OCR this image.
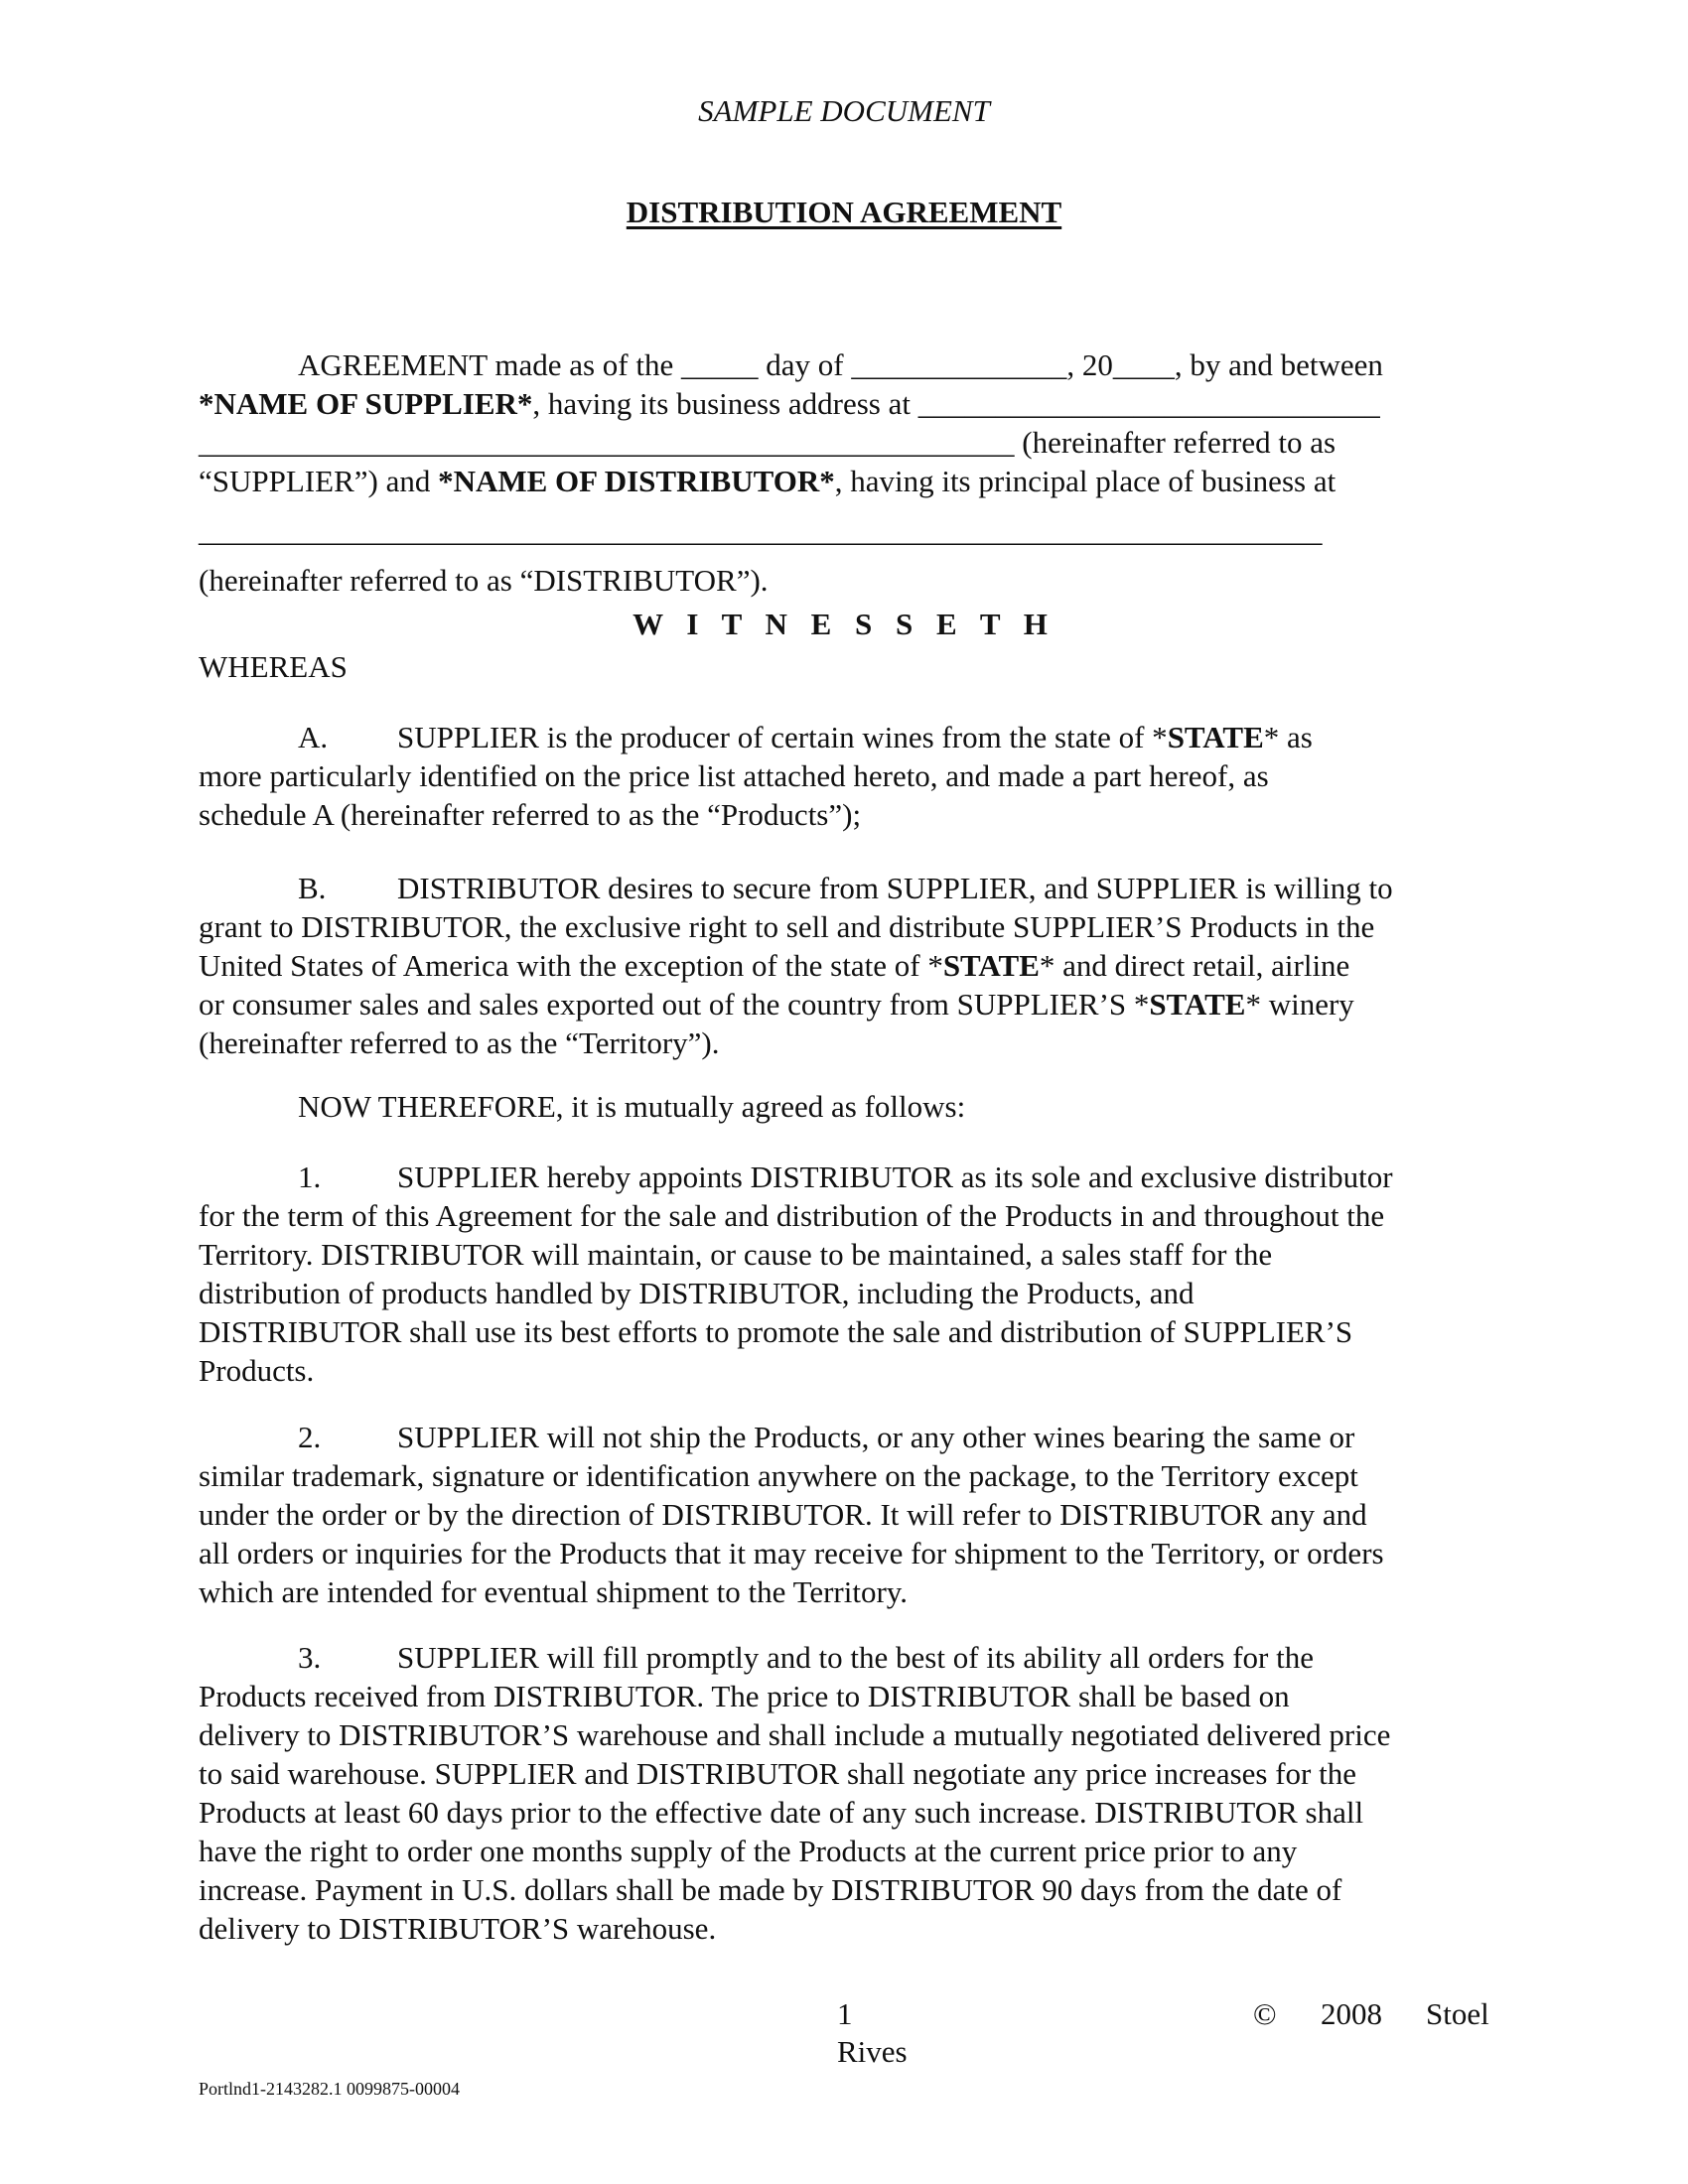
SAMPLE DOCUMENT
DISTRIBUTION AGREEMENT
AGREEMENT made as of the _____ day of ______________, 20____, by and between
*NAME OF SUPPLIER*, having its business address at ______________________________
_____________________________________________________ (hereinafter referred to as
“SUPPLIER”) and *NAME OF DISTRIBUTOR*, having its principal place of business at
_________________________________________________________________________
(hereinafter referred to as “DISTRIBUTOR”).
W I T N E S S E T H
WHEREAS
A. SUPPLIER is the producer of certain wines from the state of *STATE* as
more particularly identified on the price list attached hereto, and made a part hereof, as
schedule A (hereinafter referred to as the “Products”);
B. DISTRIBUTOR desires to secure from SUPPLIER, and SUPPLIER is willing to
grant to DISTRIBUTOR, the exclusive right to sell and distribute SUPPLIER’S Products in the
United States of America with the exception of the state of *STATE* and direct retail, airline
or consumer sales and sales exported out of the country from SUPPLIER’S *STATE* winery
(hereinafter referred to as the “Territory”).
NOW THEREFORE, it is mutually agreed as follows:
1. SUPPLIER hereby appoints DISTRIBUTOR as its sole and exclusive distributor
for the term of this Agreement for the sale and distribution of the Products in and throughout the
Territory. DISTRIBUTOR will maintain, or cause to be maintained, a sales staff for the
distribution of products handled by DISTRIBUTOR, including the Products, and
DISTRIBUTOR shall use its best efforts to promote the sale and distribution of SUPPLIER’S
Products.
2. SUPPLIER will not ship the Products, or any other wines bearing the same or
similar trademark, signature or identification anywhere on the package, to the Territory except
under the order or by the direction of DISTRIBUTOR. It will refer to DISTRIBUTOR any and
all orders or inquiries for the Products that it may receive for shipment to the Territory, or orders
which are intended for eventual shipment to the Territory.
3. SUPPLIER will fill promptly and to the best of its ability all orders for the
Products received from DISTRIBUTOR. The price to DISTRIBUTOR shall be based on
delivery to DISTRIBUTOR’S warehouse and shall include a mutually negotiated delivered price
to said warehouse. SUPPLIER and DISTRIBUTOR shall negotiate any price increases for the
Products at least 60 days prior to the effective date of any such increase. DISTRIBUTOR shall
have the right to order one months supply of the Products at the current price prior to any
increase. Payment in U.S. dollars shall be made by DISTRIBUTOR 90 days from the date of
delivery to DISTRIBUTOR’S warehouse.
1
Rives
© 2008 Stoel
Portlnd1-2143282.1 0099875-00004
